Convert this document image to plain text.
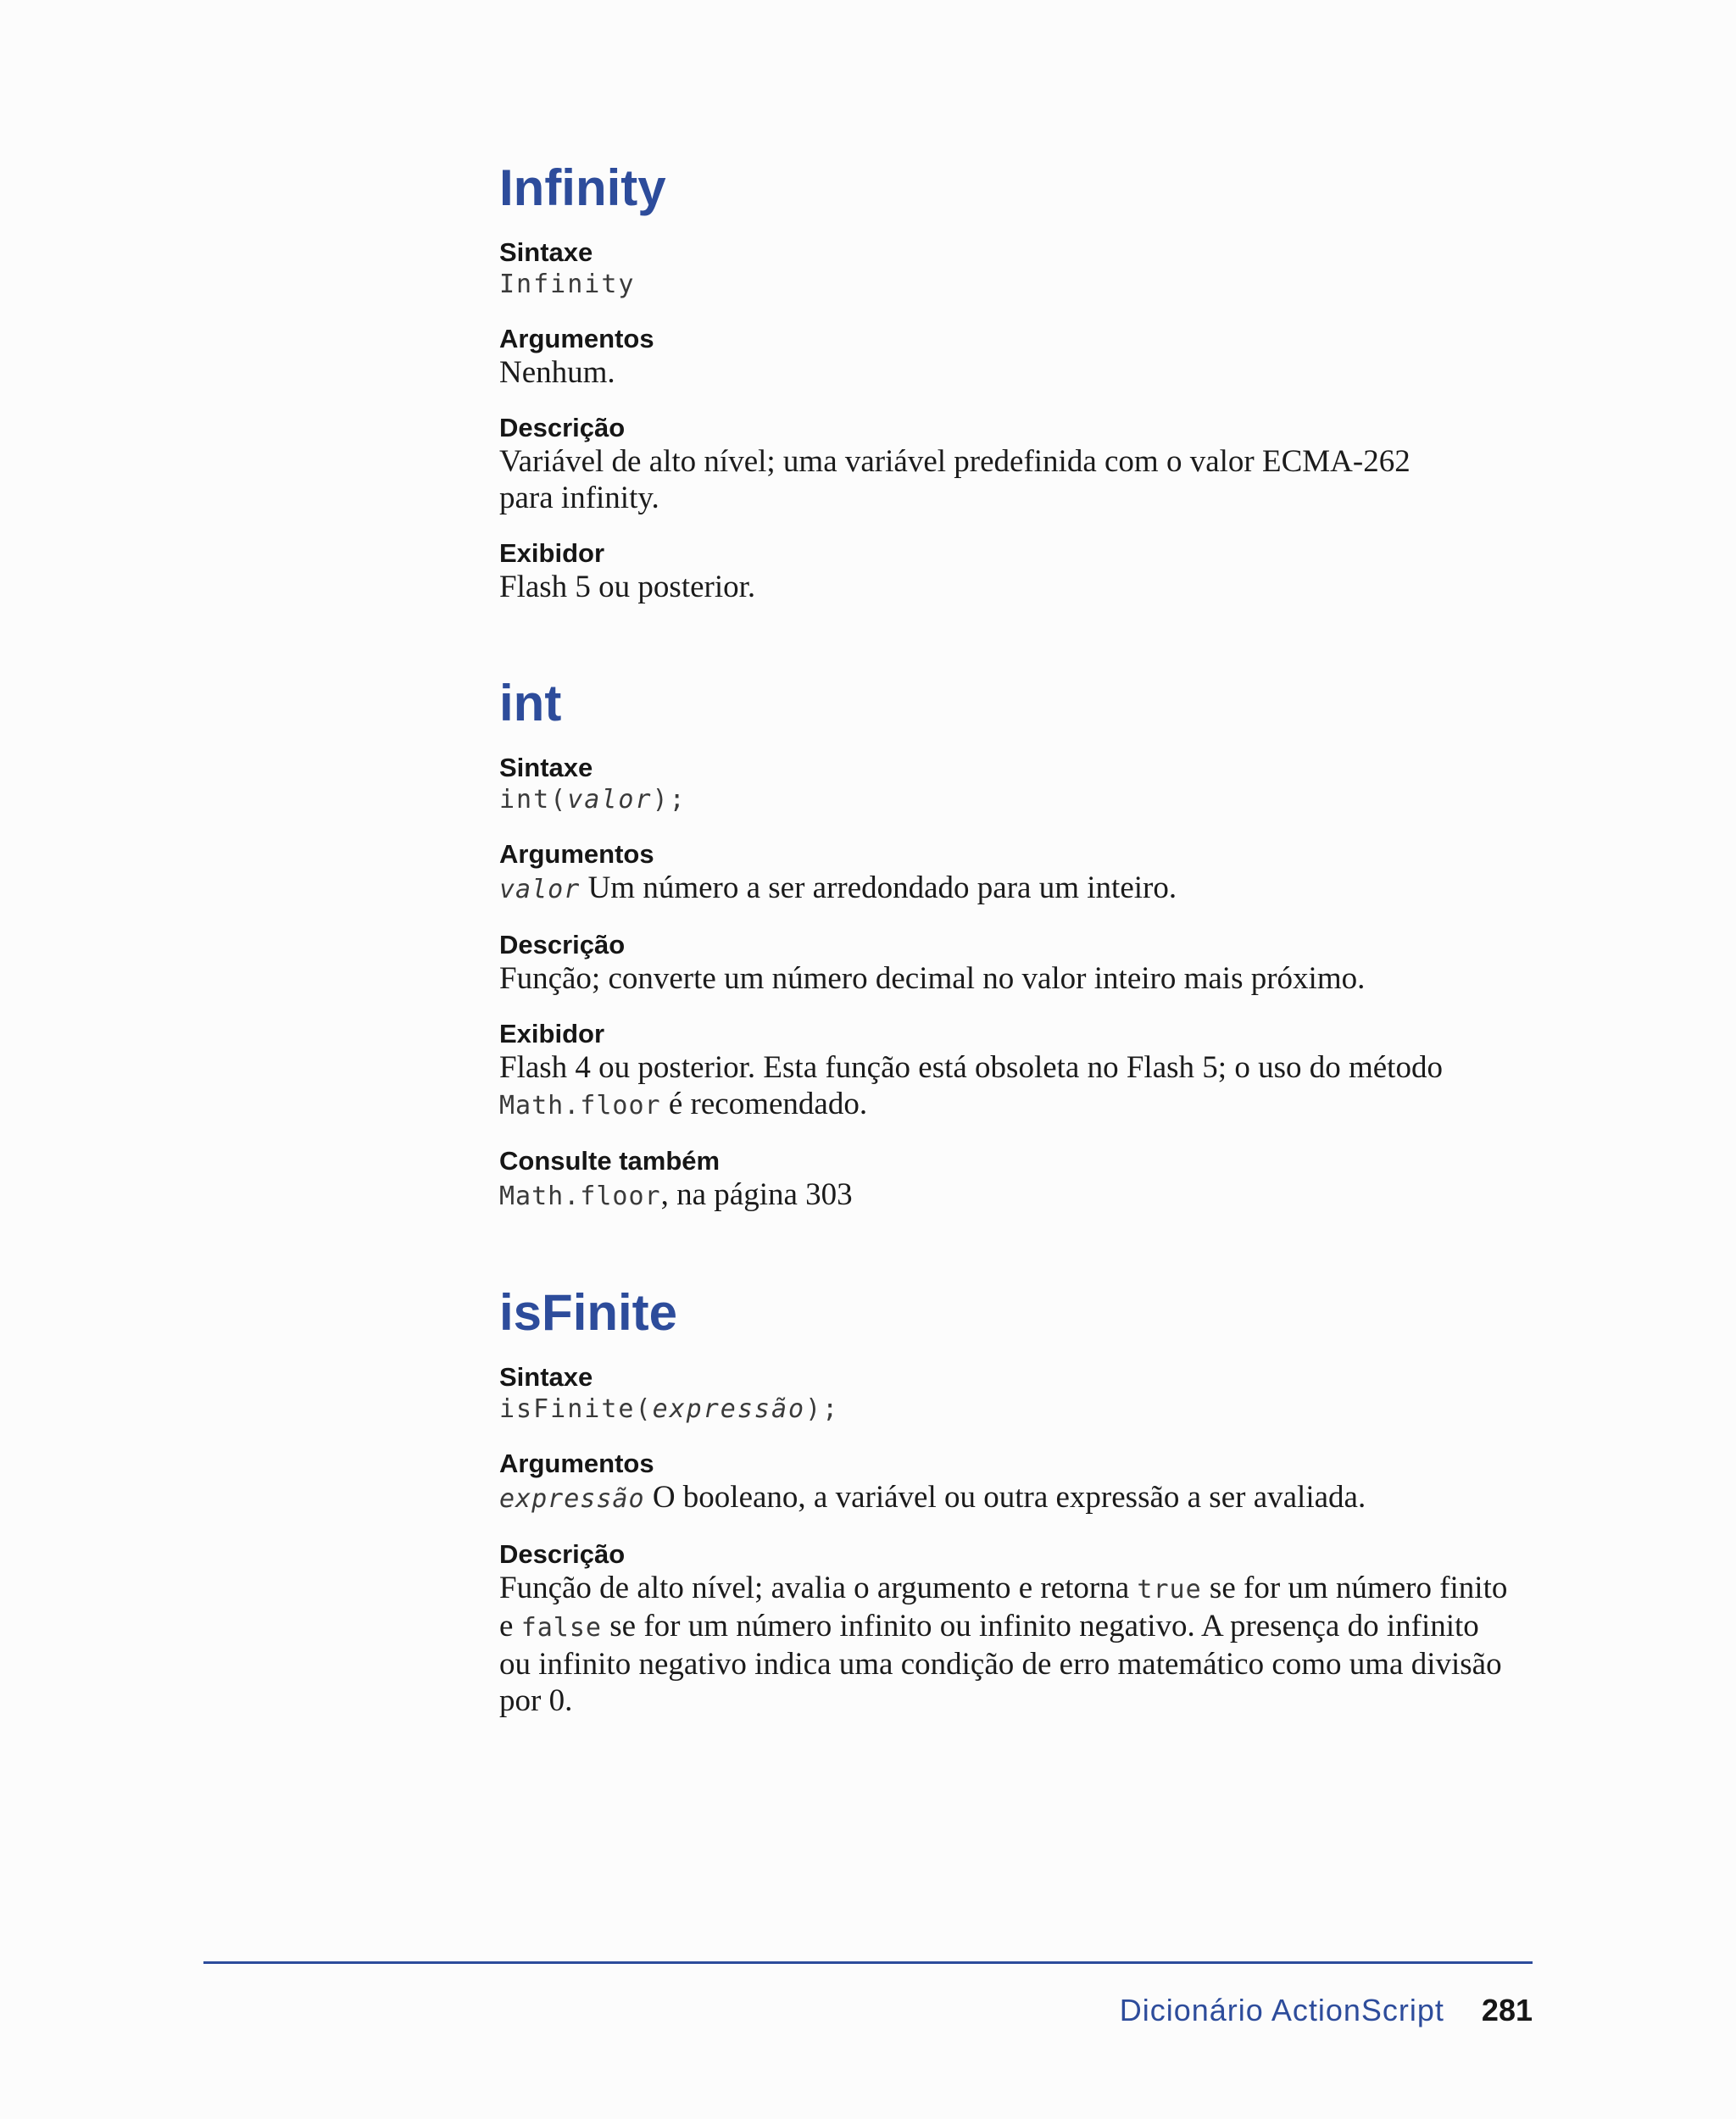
Infinity
Sintaxe
Infinity
Argumentos
Nenhum.
Descrição
Variável de alto nível; uma variável predefinida com o valor ECMA-262
para infinity.
Exibidor
Flash 5 ou posterior.
int
Sintaxe
int(valor);
Argumentos
valor Um número a ser arredondado para um inteiro.
Descrição
Função; converte um número decimal no valor inteiro mais próximo.
Exibidor
Flash 4 ou posterior. Esta função está obsoleta no Flash 5; o uso do método
Math.floor é recomendado.
Consulte também
Math.floor, na página 303
isFinite
Sintaxe
isFinite(expressão);
Argumentos
expressão O booleano, a variável ou outra expressão a ser avaliada.
Descrição
Função de alto nível; avalia o argumento e retorna true se for um número finito
e false se for um número infinito ou infinito negativo. A presença do infinito
ou infinito negativo indica uma condição de erro matemático como uma divisão
por 0.
Dicionário ActionScript 281
